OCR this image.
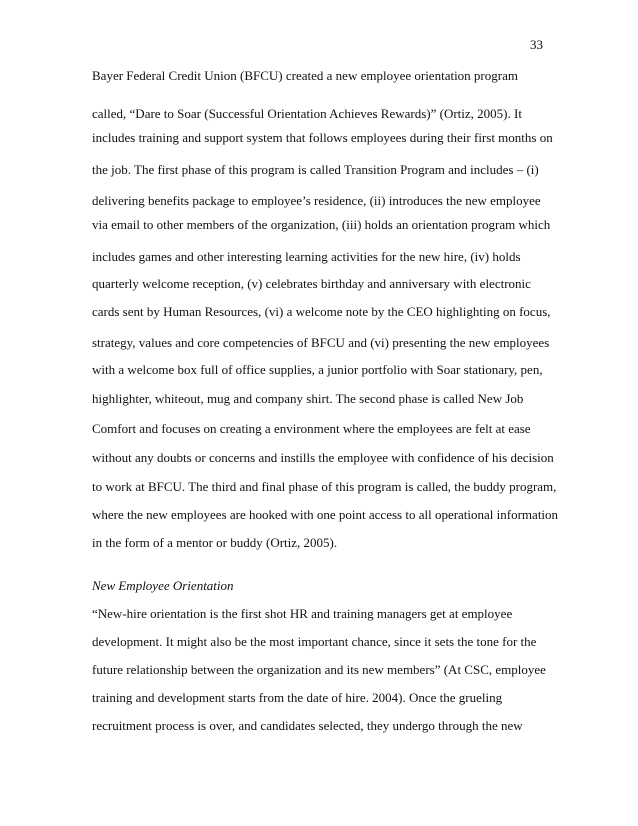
33
Bayer Federal Credit Union (BFCU) created a new employee orientation program
called, “Dare to Soar (Successful Orientation Achieves Rewards)” (Ortiz, 2005). It
includes training and support system that follows employees during their first months on
the job. The first phase of this program is called Transition Program and includes – (i)
delivering benefits package to employee’s residence, (ii) introduces the new employee
via email to other members of the organization, (iii) holds an orientation program which
includes games and other interesting learning activities for the new hire, (iv) holds
quarterly welcome reception, (v) celebrates birthday and anniversary with electronic
cards sent by Human Resources, (vi) a welcome note by the CEO highlighting on focus,
strategy, values and core competencies of BFCU and (vi) presenting the new employees
with a welcome box full of office supplies, a junior portfolio with Soar stationary, pen,
highlighter, whiteout, mug and company shirt. The second phase is called New Job
Comfort and focuses on creating a environment where the employees are felt at ease
without any doubts or concerns and instills the employee with confidence of his decision
to work at BFCU. The third and final phase of this program is called, the buddy program,
where the new employees are hooked with one point access to all operational information
in the form of a mentor or buddy (Ortiz, 2005).
New Employee Orientation
“New-hire orientation is the first shot HR and training managers get at employee
development. It might also be the most important chance, since it sets the tone for the
future relationship between the organization and its new members” (At CSC, employee
training and development starts from the date of hire. 2004). Once the grueling
recruitment process is over, and candidates selected, they undergo through the new
